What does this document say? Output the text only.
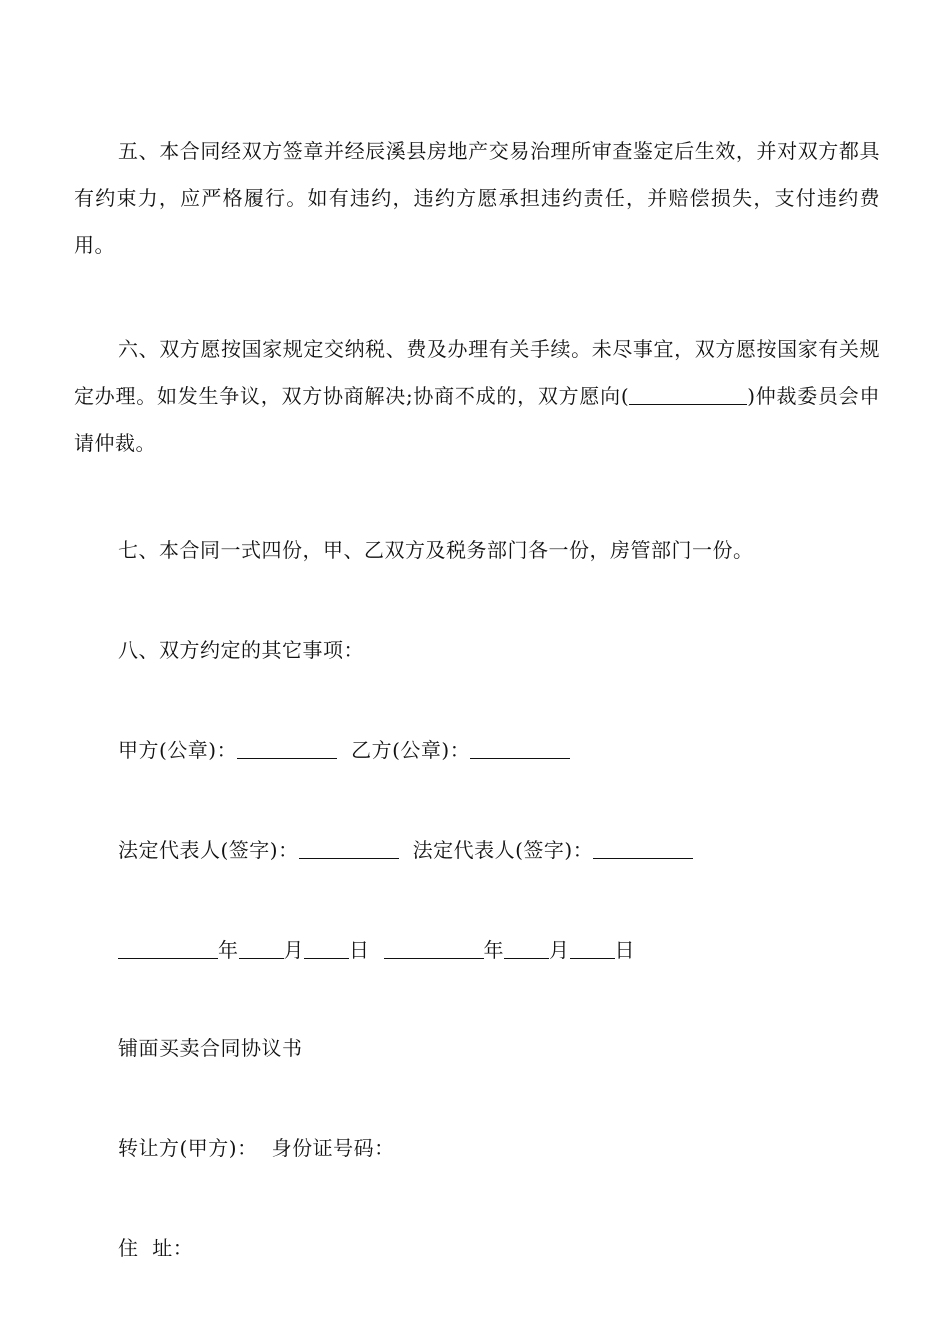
五、本合同经双方签章并经辰溪县房地产交易治理所审查鉴定后生效，并对双方都具有约束力，应严格履行。如有违约，违约方愿承担违约责任，并赔偿损失，支付违约费用。

六、双方愿按国家规定交纳税、费及办理有关手续。未尽事宜，双方愿按国家有关规定办理。如发生争议，双方协商解决;协商不成的，双方愿向(	)仲裁委员会申请仲裁。

七、本合同一式四份，甲、乙双方及税务部门各一份，房管部门一份。

八、双方约定的其它事项：

甲方(公章)：	乙方(公章)：

法定代表人(签字)：	法定代表人(签字)：

年 月 日	年 月 日

铺面买卖合同协议书

转让方(甲方)： 身份证号码：

住  址：
